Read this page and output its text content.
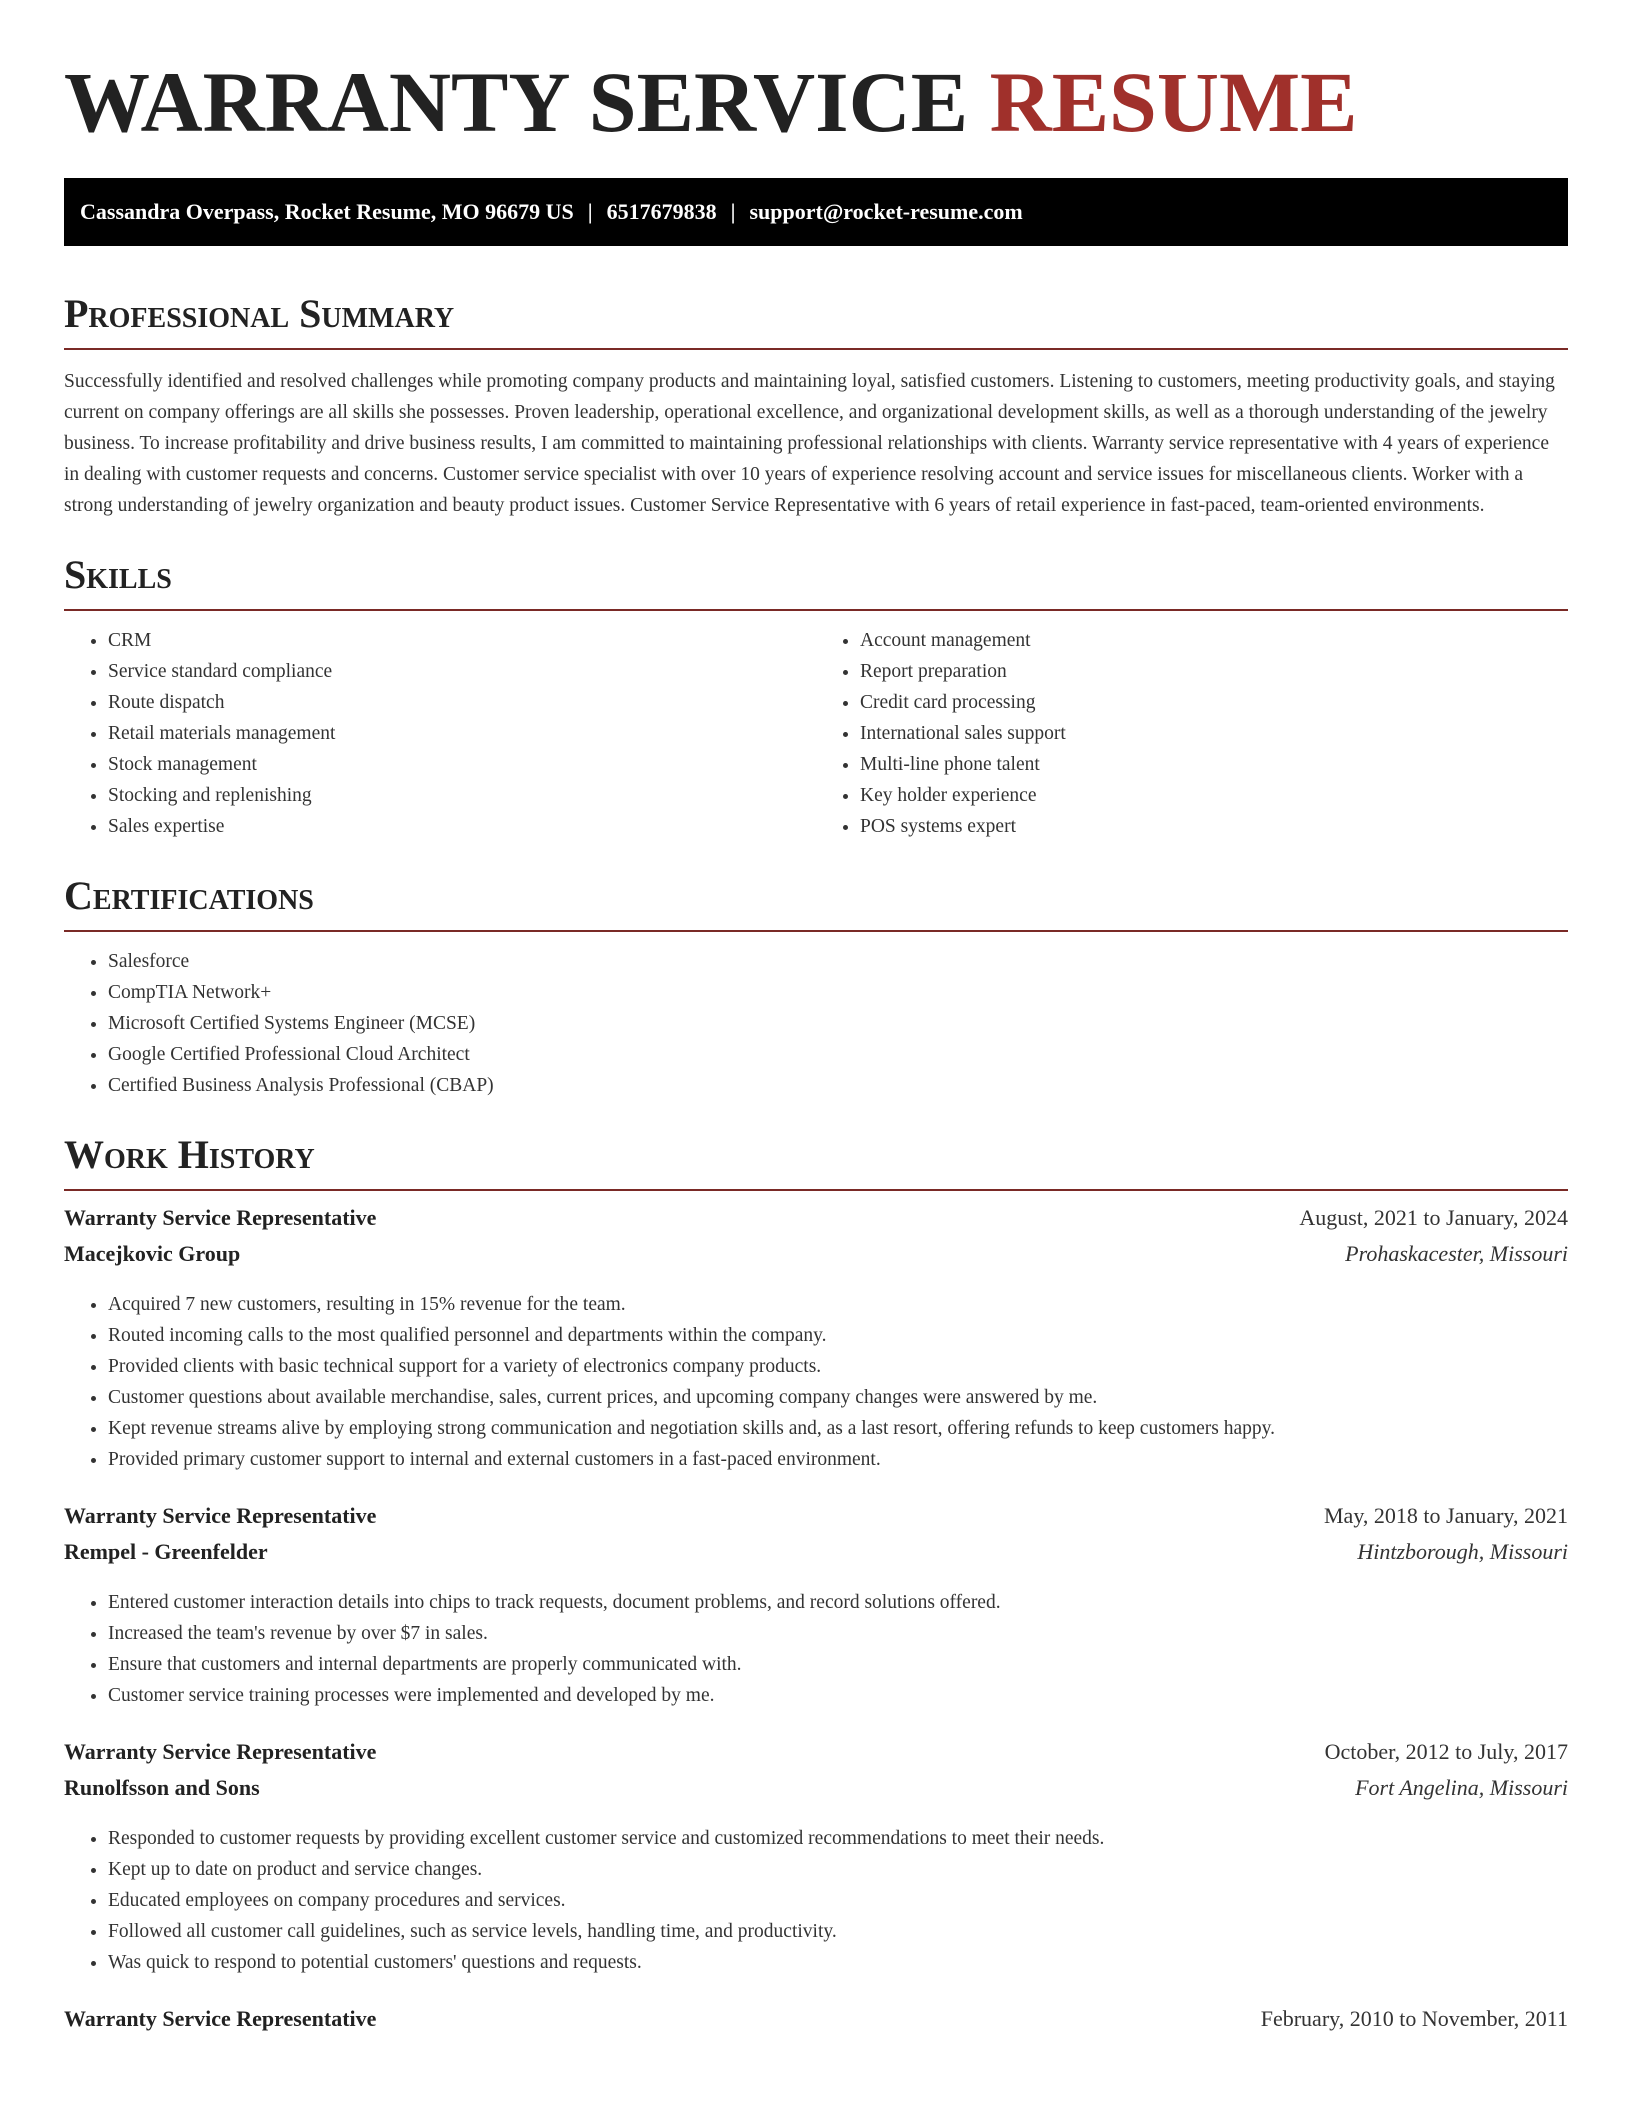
WARRANTY SERVICE RESUME
Cassandra Overpass, Rocket Resume, MO 96679 US | 6517679838 | support@rocket-resume.com
Professional Summary

Successfully identified and resolved challenges while promoting company products and maintaining loyal, satisfied customers. Listening to customers, meeting productivity goals, and staying current on company offerings are all skills she possesses. Proven leadership, operational excellence, and organizational development skills, as well as a thorough understanding of the jewelry business. To increase profitability and drive business results, I am committed to maintaining professional relationships with clients. Warranty service representative with 4 years of experience in dealing with customer requests and concerns. Customer service specialist with over 10 years of experience resolving account and service issues for miscellaneous clients. Worker with a strong understanding of jewelry organization and beauty product issues. Customer Service Representative with 6 years of retail experience in fast-paced, team-oriented environments.

Skills
• CRM
• Service standard compliance
• Route dispatch
• Retail materials management
• Stock management
• Stocking and replenishing
• Sales expertise
• Account management
• Report preparation
• Credit card processing
• International sales support
• Multi-line phone talent
• Key holder experience
• POS systems expert
Certifications
• Salesforce
• CompTIA Network+
• Microsoft Certified Systems Engineer (MCSE)
• Google Certified Professional Cloud Architect
• Certified Business Analysis Professional (CBAP)
Work History
Warranty Service Representative	August, 2021 to January, 2024
Macejkovic Group	Prohaskacester, Missouri
• Acquired 7 new customers, resulting in 15% revenue for the team.
• Routed incoming calls to the most qualified personnel and departments within the company.
• Provided clients with basic technical support for a variety of electronics company products.
• Customer questions about available merchandise, sales, current prices, and upcoming company changes were answered by me.
• Kept revenue streams alive by employing strong communication and negotiation skills and, as a last resort, offering refunds to keep customers happy.
• Provided primary customer support to internal and external customers in a fast-paced environment.
Warranty Service Representative	May, 2018 to January, 2021
Rempel - Greenfelder	Hintzborough, Missouri
• Entered customer interaction details into chips to track requests, document problems, and record solutions offered.
• Increased the team's revenue by over $7 in sales.
• Ensure that customers and internal departments are properly communicated with.
• Customer service training processes were implemented and developed by me.
Warranty Service Representative	October, 2012 to July, 2017
Runolfsson and Sons	Fort Angelina, Missouri
• Responded to customer requests by providing excellent customer service and customized recommendations to meet their needs.
• Kept up to date on product and service changes.
• Educated employees on company procedures and services.
• Followed all customer call guidelines, such as service levels, handling time, and productivity.
• Was quick to respond to potential customers' questions and requests.
Warranty Service Representative	February, 2010 to November, 2011
